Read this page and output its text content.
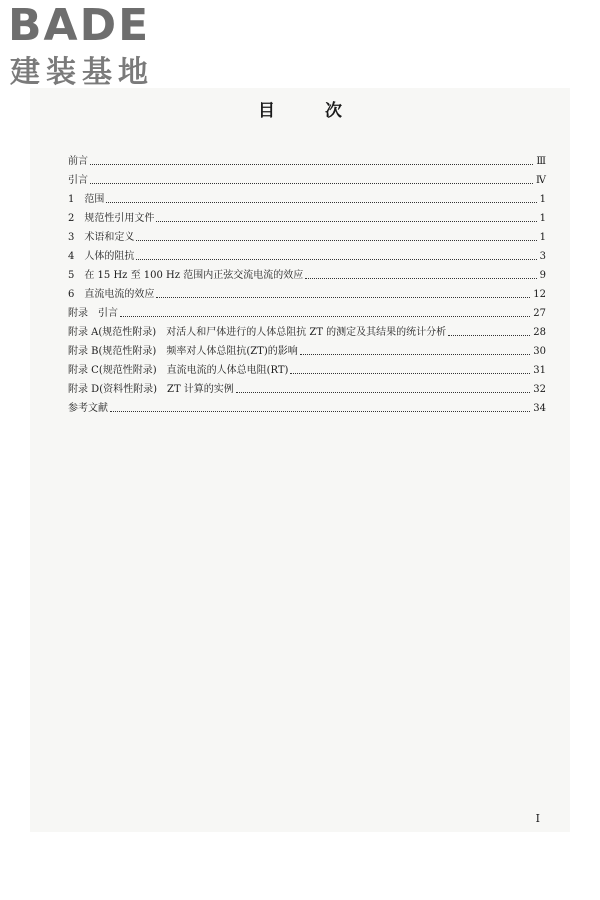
BADE
建装基地
目 次
前言	Ⅲ
引言	Ⅳ
1　范围	1
2　规范性引用文件	1
3　术语和定义	1
4　人体的阻抗	3
5　在 15 Hz 至 100 Hz 范围内正弦交流电流的效应	9
6　直流电流的效应	12
附录　引言	27
附录 A(规范性附录)　对活人和尸体进行的人体总阻抗 ZT 的测定及其结果的统计分析	28
附录 B(规范性附录)　频率对人体总阻抗(ZT)的影响	30
附录 C(规范性附录)　直流电流的人体总电阻(RT)	31
附录 D(资料性附录)　ZT 计算的实例	32
参考文献	34
I
